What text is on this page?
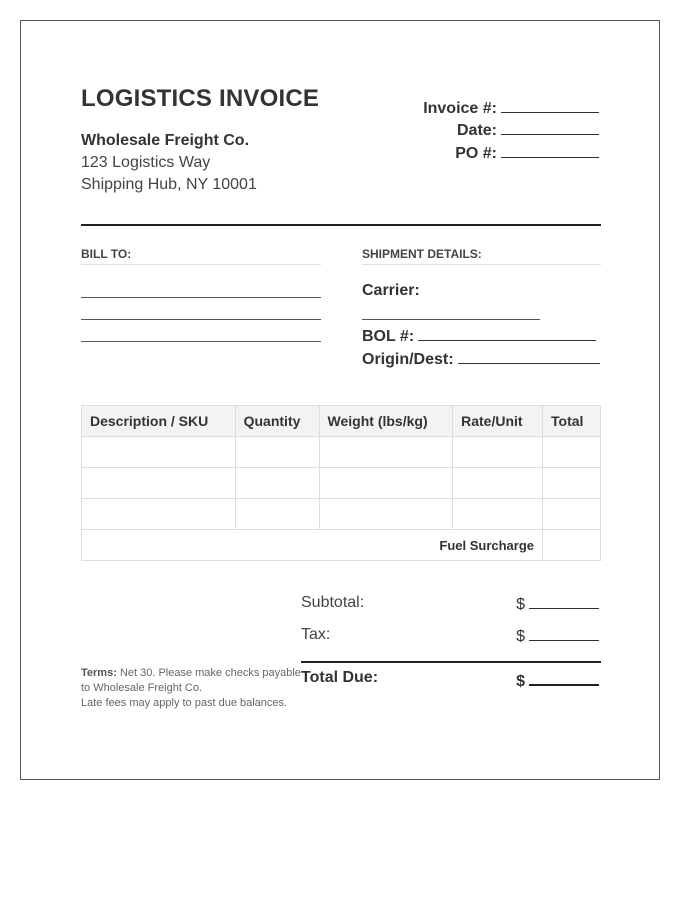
LOGISTICS INVOICE
Wholesale Freight Co.
123 Logistics Way
Shipping Hub, NY 10001
Invoice #:
Date:
PO #:
BILL TO:	SHIPMENT DETAILS:
Carrier:
BOL #:
Origin/Dest:
Description / SKU	Quantity	Weight (lbs/kg)	Rate/Unit	Total

Fuel Surcharge				
Subtotal:	$
Tax:	$
Total Due:	$
Terms: Net 30. Please make checks payable to Wholesale Freight Co.
Late fees may apply to past due balances.
